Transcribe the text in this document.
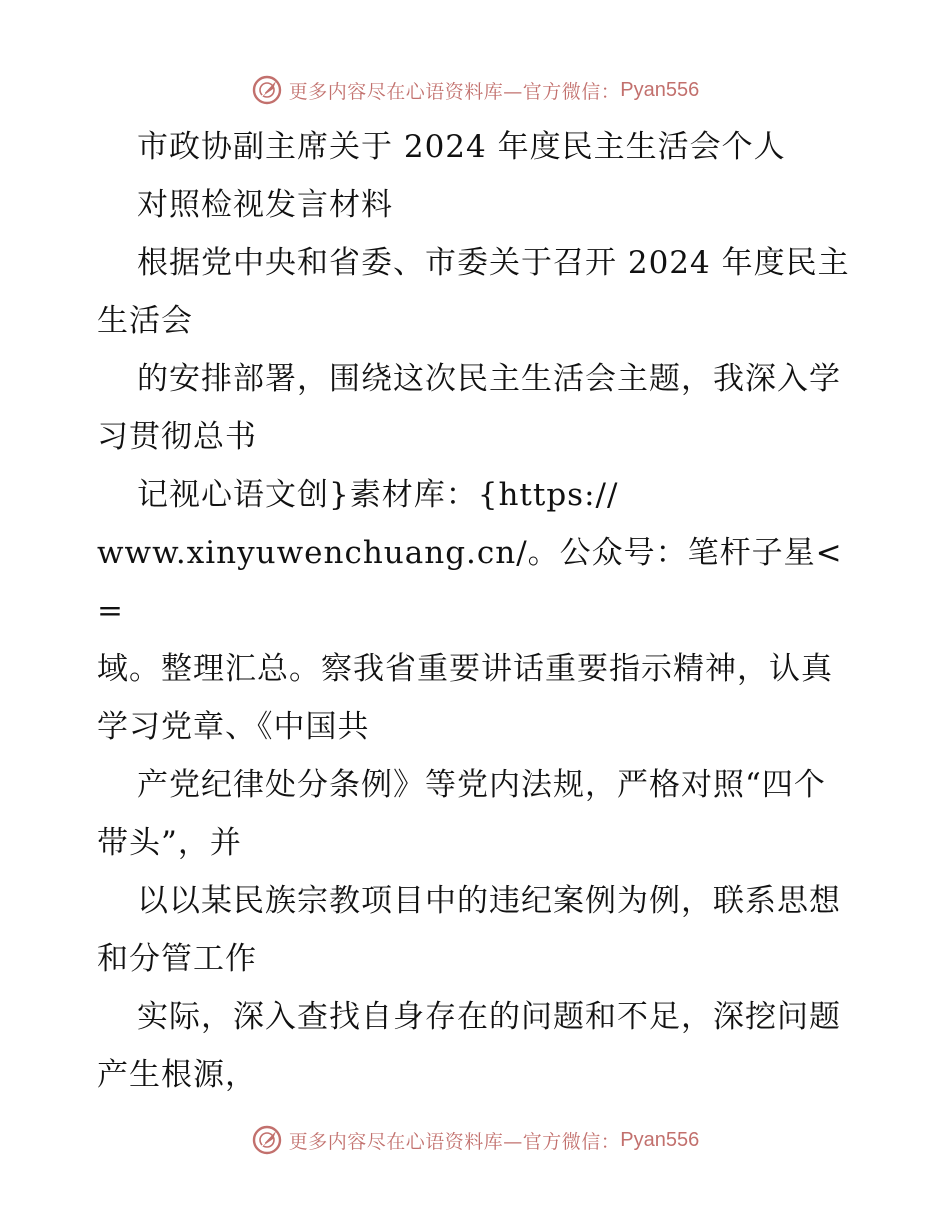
更多内容尽在心语资料库—官方微信： Pyan556

市政协副主席关于 2024 年度民主生活会个人

对照检视发言材料

根据党中央和省委、市委关于召开 2024 年度民主生活会

的安排部署，围绕这次民主生活会主题，我深入学习贯彻总书

记视心语文创}素材库：{https://

www.xinyuwenchuang.cn/。公众号：笔杆子星<=

域。整理汇总。察我省重要讲话重要指示精神，认真学习党章、《中国共

产党纪律处分条例》等党内法规，严格对照“四个带头”，并

以以某民族宗教项目中的违纪案例为例，联系思想和分管工作

实际，深入查找自身存在的问题和不足，深挖问题产生根源，

更多内容尽在心语资料库—官方微信： Pyan556
